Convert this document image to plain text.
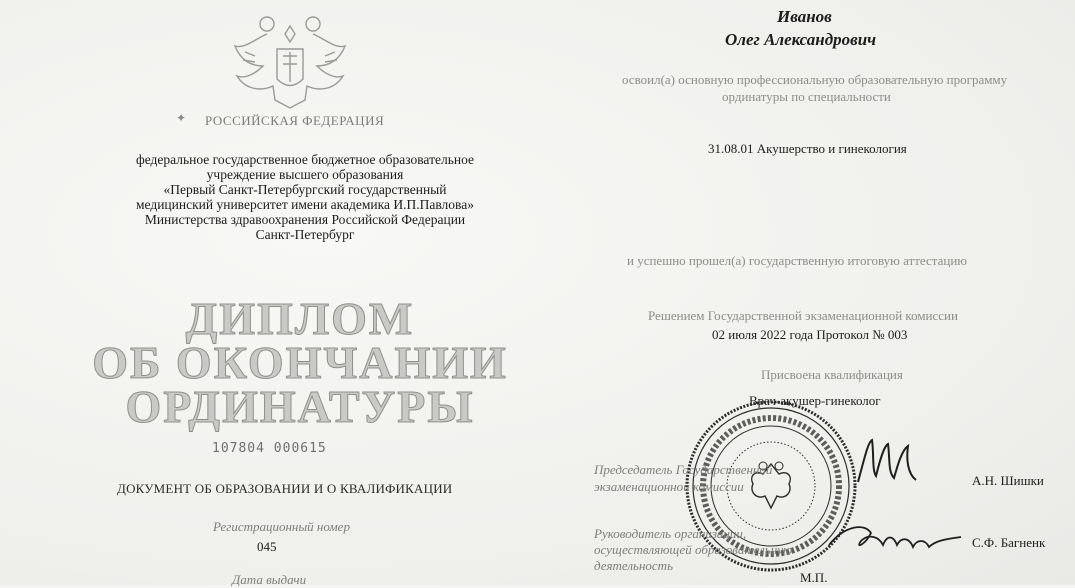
✦ РОССИЙСКАЯ ФЕДЕРАЦИЯ
федеральное государственное бюджетное образовательное
учреждение высшего образования
«Первый Санкт-Петербургский государственный
медицинский университет имени академика И.П.Павлова»
Министерства здравоохранения Российской Федерации
Санкт-Петербург
ДИПЛОМ
ОБ ОКОНЧАНИИ
ОРДИНАТУРЫ
107804 000615
ДОКУМЕНТ ОБ ОБРАЗОВАНИИ И О КВАЛИФИКАЦИИ
Регистрационный номер
045
Дата выдачи
Иванов
Олег Александрович
освоил(а) основную профессиональную образовательную программу
ординатуры по специальности
31.08.01 Акушерство и гинекология
и успешно прошел(а) государственную итоговую аттестацию
Решением Государственной экзаменационной комиссии
02 июля 2022 года Протокол № 003
Присвоена квалификация
Врач-акушер-гинеколог
Председатель Государственной
экзаменационной комиссии	А.Н. Шишки
Руководитель организации,
осуществляющей образовательную
деятельность
С.Ф. Багненк
М.П.
